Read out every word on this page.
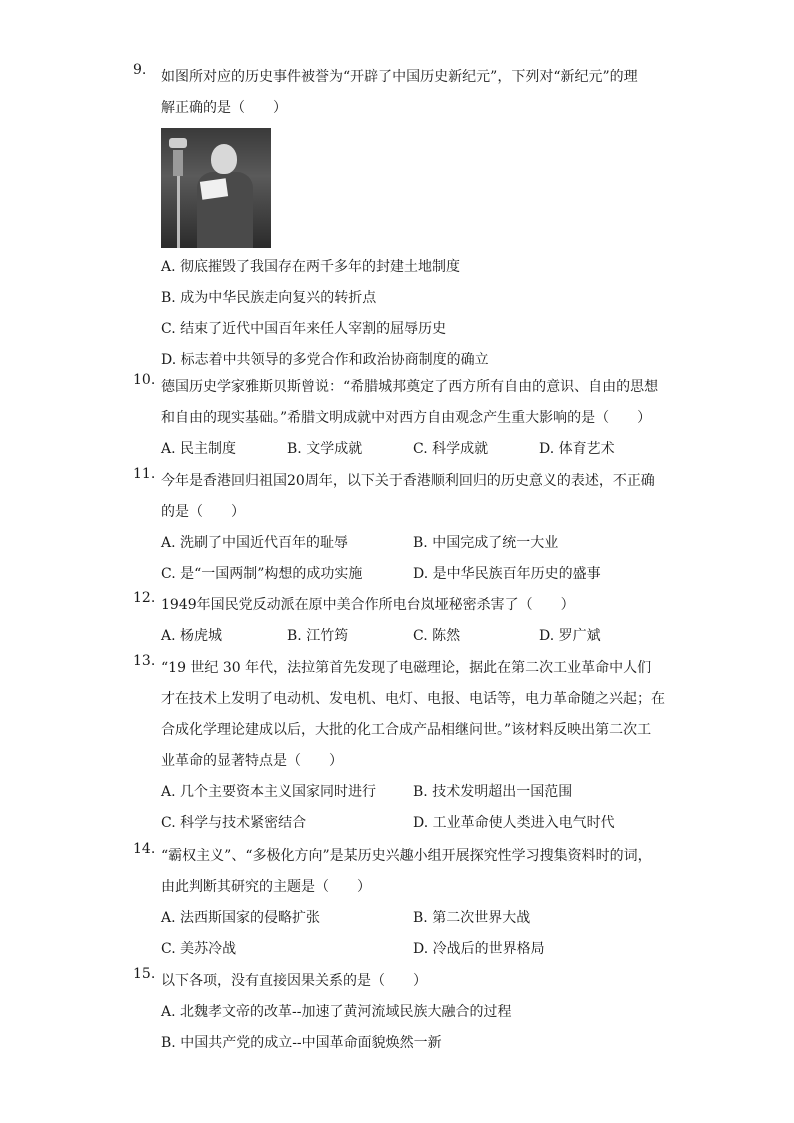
9.	如图所对应的历史事件被誉为“开辟了中国历史新纪元”，下列对“新纪元”的理
解正确的是（　　）
A. 彻底摧毁了我国存在两千多年的封建土地制度
B. 成为中华民族走向复兴的转折点
C. 结束了近代中国百年来任人宰割的屈辱历史
D. 标志着中共领导的多党合作和政治协商制度的确立
10. 德国历史学家雅斯贝斯曾说：“希腊城邦奠定了西方所有自由的意识、自由的思想
和自由的现实基础。”希腊文明成就中对西方自由观念产生重大影响的是（　　）
A. 民主制度	B. 文学成就	C. 科学成就	D. 体育艺术
11. 今年是香港回归祖国20周年，以下关于香港顺利回归的历史意义的表述，不正确
的是（　　）
A. 洗刷了中国近代百年的耻辱	B. 中国完成了统一大业
C. 是“一国两制”构想的成功实施	D. 是中华民族百年历史的盛事
12. 1949年国民党反动派在原中美合作所电台岚垭秘密杀害了（　　）
A. 杨虎城	B. 江竹筠	C. 陈然	D. 罗广斌
13. “19 世纪 30 年代，法拉第首先发现了电磁理论，据此在第二次工业革命中人们
才在技术上发明了电动机、发电机、电灯、电报、电话等，电力革命随之兴起；在
合成化学理论建成以后，大批的化工合成产品相继问世。”该材料反映出第二次工
业革命的显著特点是（　　）
A. 几个主要资本主义国家同时进行	B. 技术发明超出一国范围
C. 科学与技术紧密结合	D. 工业革命使人类进入电气时代
14. “霸权主义”、“多极化方向”是某历史兴趣小组开展探究性学习搜集资料时的词，
由此判断其研究的主题是（　　）
A. 法西斯国家的侵略扩张	B. 第二次世界大战
C. 美苏冷战	D. 冷战后的世界格局
15. 以下各项，没有直接因果关系的是（　　）
A. 北魏孝文帝的改革--加速了黄河流域民族大融合的过程
B. 中国共产党的成立--中国革命面貌焕然一新
